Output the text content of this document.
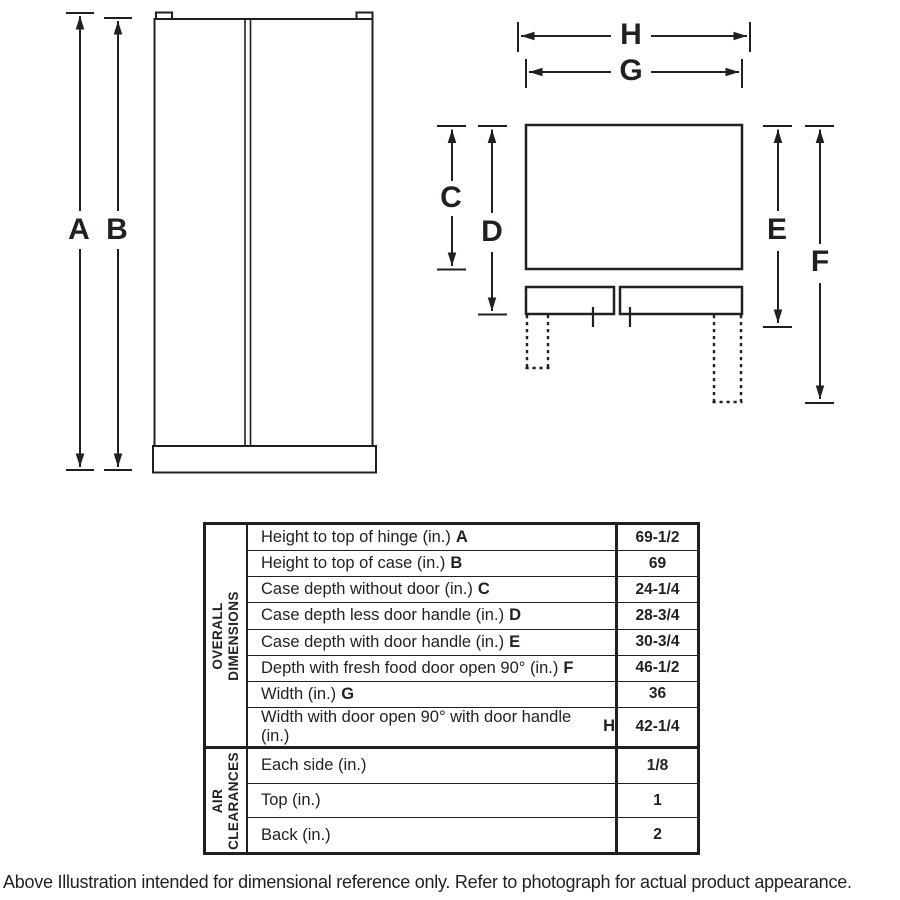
A B
C
D	E
F
G
H
OVERALL
DIMENSIONS
Height to top of hinge (in.) A	69-1/2
Height to top of case (in.) B	69
Case depth without door (in.) C	24-1/4
Case depth less door handle (in.) D	28-3/4
Case depth with door handle (in.) E	30-3/4
Depth with fresh food door open 90° (in.) F	46-1/2
Width (in.) G	36
Width with door open 90° with door handle (in.)
H	42-1/4
AIR
CLEARANCES Each side (in.)	1/8
Top (in.)	1
Back (in.)	2
Above Illustration intended for dimensional reference only. Refer to photograph for actual product appearance.
